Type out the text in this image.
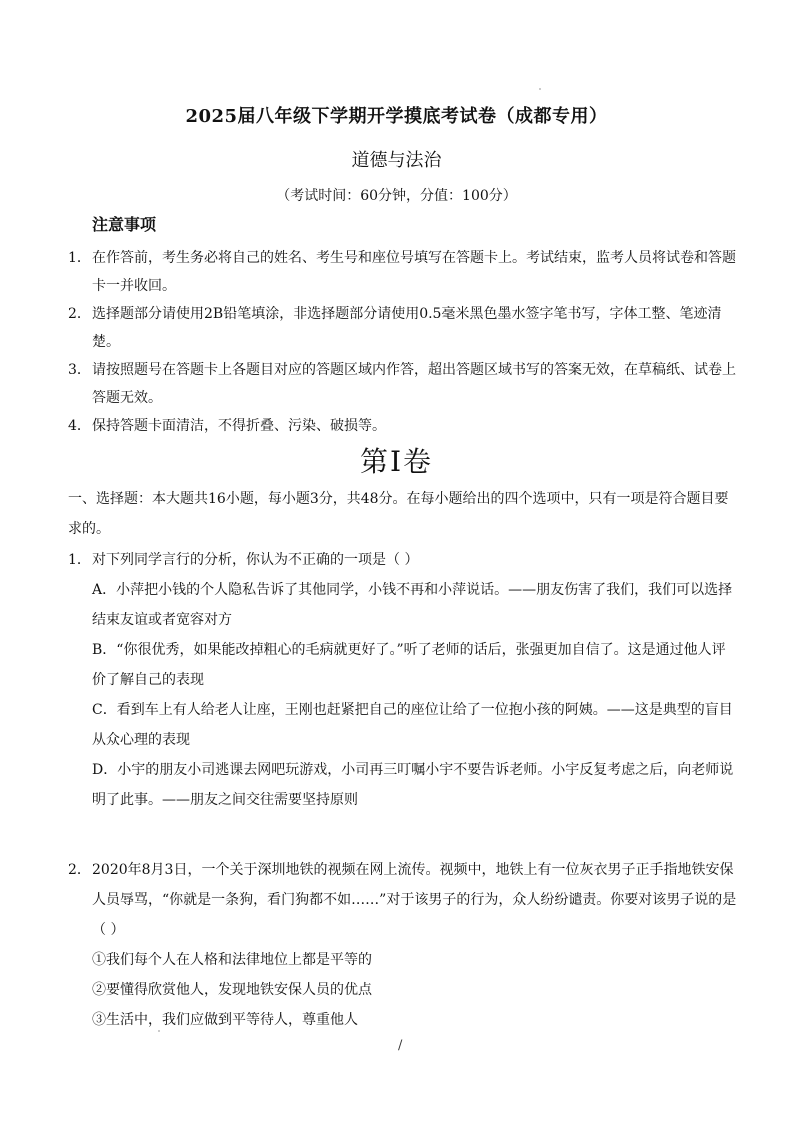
2025届八年级下学期开学摸底考试卷（成都专用）
道德与法治
（考试时间：60分钟，分值：100分）
注意事项
1． 在作答前，考生务必将自己的姓名、考生号和座位号填写在答题卡上。考试结束，监考人员将试卷和答题卡一并收回。
2． 选择题部分请使用2B铅笔填涂，非选择题部分请使用0.5毫米黑色墨水签字笔书写，字体工整、笔迹清楚。
3． 请按照题号在答题卡上各题目对应的答题区域内作答，超出答题区域书写的答案无效，在草稿纸、试卷上答题无效。
4． 保持答题卡面清洁，不得折叠、污染、破损等。
第Ⅰ卷
一、选择题：本大题共16小题，每小题3分，共48分。在每小题给出的四个选项中，只有一项是符合题目要求的。
1． 对下列同学言行的分析，你认为不正确的一项是（ ）
A．小萍把小钱的个人隐私告诉了其他同学，小钱不再和小萍说话。——朋友伤害了我们，我们可以选择结束友谊或者宽容对方
B．“你很优秀，如果能改掉粗心的毛病就更好了。”听了老师的话后，张强更加自信了。这是通过他人评价了解自己的表现
C．看到车上有人给老人让座，王刚也赶紧把自己的座位让给了一位抱小孩的阿姨。——这是典型的盲目从众心理的表现
D．小宇的朋友小司逃课去网吧玩游戏，小司再三叮嘱小宇不要告诉老师。小宇反复考虑之后，向老师说明了此事。——朋友之间交往需要坚持原则
2． 2020年8月3日，一个关于深圳地铁的视频在网上流传。视频中，地铁上有一位灰衣男子正手指地铁安保人员辱骂，“你就是一条狗，看门狗都不如……”对于该男子的行为，众人纷纷谴责。你要对该男子说的是（ ）
①我们每个人在人格和法律地位上都是平等的
②要懂得欣赏他人，发现地铁安保人员的优点
③生活中，我们应做到平等待人，尊重他人
/
